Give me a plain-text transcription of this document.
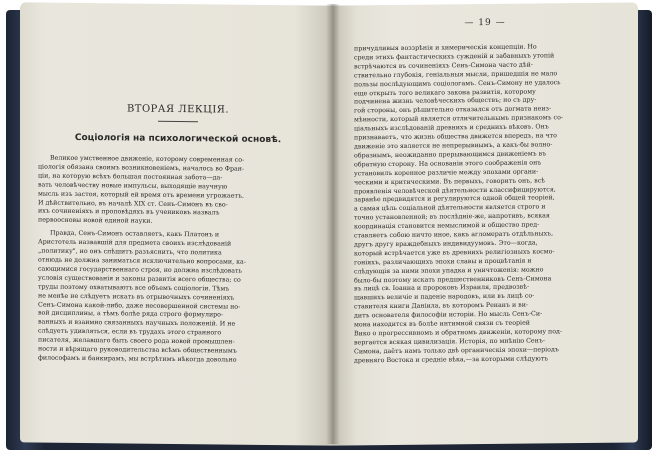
ВТОРАЯ ЛЕКЦІЯ.
Соціологія на психологической основѣ.
Великое умственное движеніе, которому современная со-
ціологія обязана своимъ возникновеніемъ, началось во Фран-
ціи, на которую всѣхъ большая постоянная забота—да-
вать человѣчеству новые импульсы, выходящіе научную
мысль изъ застоя, который ей время отъ времени угрожаетъ.
И дѣйствительно, въ началѣ XIX ст. Сенъ-Симонъ въ сво-
ихъ сочиненіяхъ и проповѣдяхъ въ учениковъ назвалъ
первоосновы новой единой науки.
Правда, Сенъ-Симонъ оставляетъ, какъ Платонъ и
Аристотель назвавшій для предмета своихъ изслѣдованій
„политику", но онъ спѣшитъ разъяснить, что политика
отнюдь не должна заниматься исключительно вопросами, ка-
сающимися государственнаго строя, но должна изслѣдовать
условія существованія и законы развитія всего общества; со
труды поэтому охватываютъ все объемъ соціологіи. Тѣмъ
не менѣе не слѣдуетъ искать въ отрывочныхъ сочиненіяхъ
Сенъ-Симона какой-либо, даже несовершенной системы но-
вой дисциплины, а тѣмъ болѣе ряда строго формулиро-
ванныхъ и взаимно связанныхъ научныхъ положеній. И не
слѣдуетъ удивляться, если въ трудахъ этого странного
писателя, желавшаго быть своего рода новой промышлен-
ности и вѣрящаго руководительства всѣмъ общественнымъ
философамъ и банкирамъ, мы встрѣтимъ нѣкогда довольно
— 19 —
причудливыя воззрѣнія и химерическія концепціи. Но
среди этихъ фантастическихъ сужденій и забавныхъ утопій
встрѣчаются въ сочиненіяхъ Сенъ-Симона часто дѣй-
ствительно глубокія, геніальныя мысли, пришедшія не мало
пользы послѣдующимъ соціологамъ. Сенъ-Симону не удалось
еще открыть того великаго закона развитія, которому
подчинена жизнь человѣческихъ обществъ; но съ дру-
гой стороны, онъ рѣшительно отказался отъ догмата неиз-
мѣнности, который является отличительнымъ признакомъ со-
ціальныхъ изслѣдованій древнихъ и среднихъ вѣковъ. Онъ
признаваетъ, что жизнь общества движется впередъ, на что
движеніе это является не непрерывнымъ, а какъ-бы волно-
образнымъ, неожиданно прерывающимся движеніемъ въ
обратную сторону. На основаніи этого соображенія онъ
установилъ коренное различіе между эпохами органи-
ческими и критическими. Въ первыхъ, говоритъ онъ, всѣ
проявленія человѣческой дѣятельности классифицируются,
заранѣе предвидятся и регулируются одной общей теоріей,
а самая цѣль соціальной дѣятельности является строго и
точно установленной; въ послѣдніе-же, напротивъ, всякая
координація становится немыслимой и общество пред-
ставляетъ собою ничто иное, какъ агломератъ отдѣльныхъ,
другъ другу враждебныхъ индивидуумовъ. Это—когда,
который встрѣчается уже въ древнихъ религіозныхъ космо-
гоніяхъ, различающихъ эпохи славы и процвѣтанія и
слѣдующія за ними эпохи упадка и уничтоженія: можно
было-бы поэтому искать предшественниковъ Сенъ-Симона
въ лицѣ св. Іоанна и пророковъ Израиля, предвозвѣ-
щавшихъ величіе и паденіе народовъ, или въ лицѣ со-
ставителя книги Даніила, въ которомъ Ренанъ и ви-
дитъ основателя философіи исторіи. Но мысль Сенъ-Си-
мона находится въ болѣе интимной связи съ теоріей
Вико о прогрессивномъ и обратномъ движеніи, которому под-
вергается всякая цивилизація. Исторія, по мнѣнію Сенъ-
Симона, даётъ намъ только двѣ органическія эпохи—періодъ
древняго Востока и средніе вѣка,—за которыми слѣдуютъ
